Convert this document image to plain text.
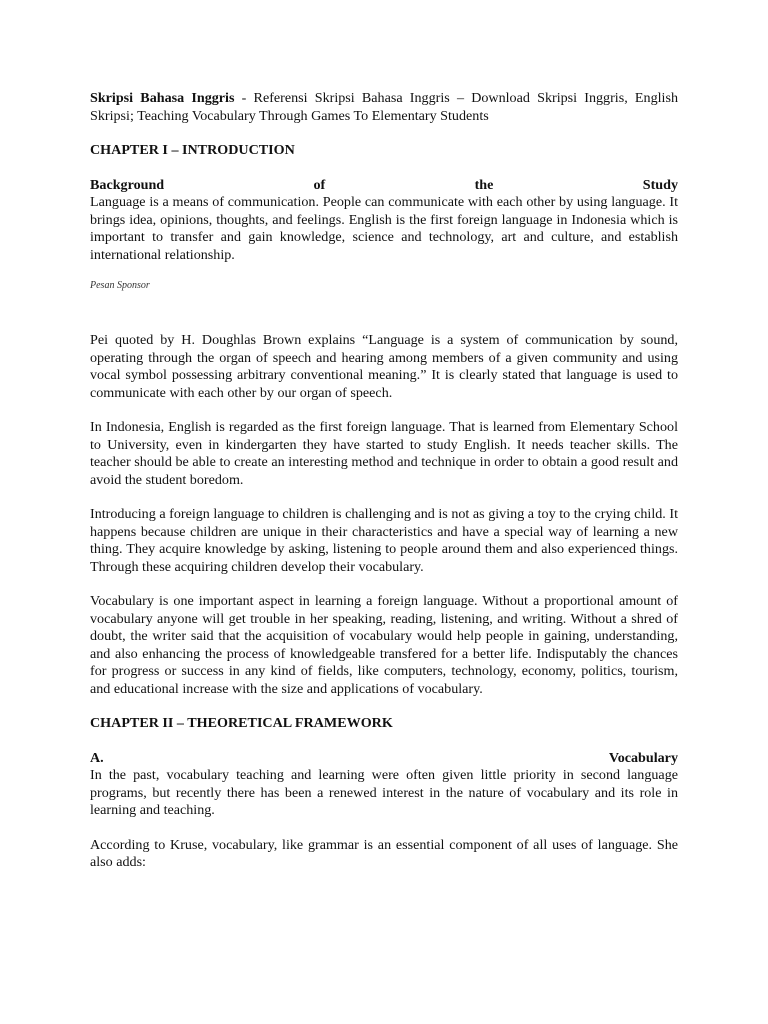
Skripsi Bahasa Inggris - Referensi Skripsi Bahasa Inggris – Download Skripsi Inggris, English Skripsi; Teaching Vocabulary Through Games To Elementary Students

CHAPTER I – INTRODUCTION

Background	of	the	Study

Language is a means of communication. People can communicate with each other by using language. It brings idea, opinions, thoughts, and feelings. English is the first foreign language in Indonesia which is important to transfer and gain knowledge, science and technology, art and culture, and establish international relationship.

Pesan Sponsor

Pei quoted by H. Doughlas Brown explains “Language is a system of communication by sound, operating through the organ of speech and hearing among members of a given community and using vocal symbol possessing arbitrary conventional meaning.” It is clearly stated that language is used to communicate with each other by our organ of speech.

In Indonesia, English is regarded as the first foreign language. That is learned from Elementary School to University, even in kindergarten they have started to study English. It needs teacher skills. The teacher should be able to create an interesting method and technique in order to obtain a good result and avoid the student boredom.

Introducing a foreign language to children is challenging and is not as giving a toy to the crying child. It happens because children are unique in their characteristics and have a special way of learning a new thing. They acquire knowledge by asking, listening to people around them and also experienced things. Through these acquiring children develop their vocabulary.

Vocabulary is one important aspect in learning a foreign language. Without a proportional amount of vocabulary anyone will get trouble in her speaking, reading, listening, and writing. Without a shred of doubt, the writer said that the acquisition of vocabulary would help people in gaining, understanding, and also enhancing the process of knowledgeable transfered for a better life. Indisputably the chances for progress or success in any kind of fields, like computers, technology, economy, politics, tourism, and educational increase with the size and applications of vocabulary.

CHAPTER II – THEORETICAL FRAMEWORK

A.	Vocabulary

In the past, vocabulary teaching and learning were often given little priority in second language programs, but recently there has been a renewed interest in the nature of vocabulary and its role in learning and teaching.

According to Kruse, vocabulary, like grammar is an essential component of all uses of language. She also adds:
